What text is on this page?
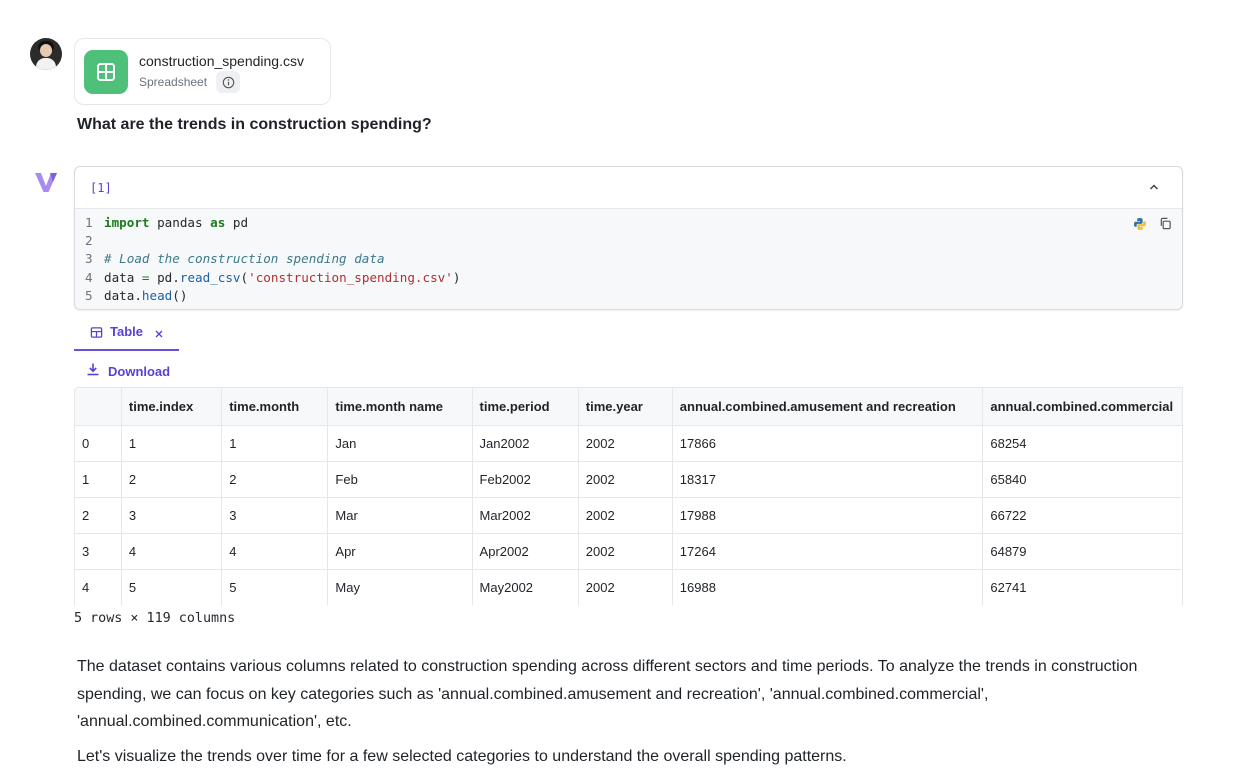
construction_spending.csv
Spreadsheet
What are the trends in construction spending?
[1]
1 import pandas as pd
2
3 # Load the construction spending data
4 data = pd.read_csv('construction_spending.csv')
5 data.head()
Table
Download
	time.index	time.month	time.month name	time.period	time.year	annual.combined.amusement and recreation	annual.combined.commercial
0	1	1	Jan	Jan2002	2002	17866	68254
1	2	2	Feb	Feb2002	2002	18317	65840
2	3	3	Mar	Mar2002	2002	17988	66722
3	4	4	Apr	Apr2002	2002	17264	64879
4	5	5	May	May2002	2002	16988	62741
5 rows × 119 columns

The dataset contains various columns related to construction spending across different sectors and time periods. To analyze the trends in construction spending, we can focus on key categories such as 'annual.combined.amusement and recreation', 'annual.combined.commercial', 'annual.combined.communication', etc.

Let's visualize the trends over time for a few selected categories to understand the overall spending patterns.
